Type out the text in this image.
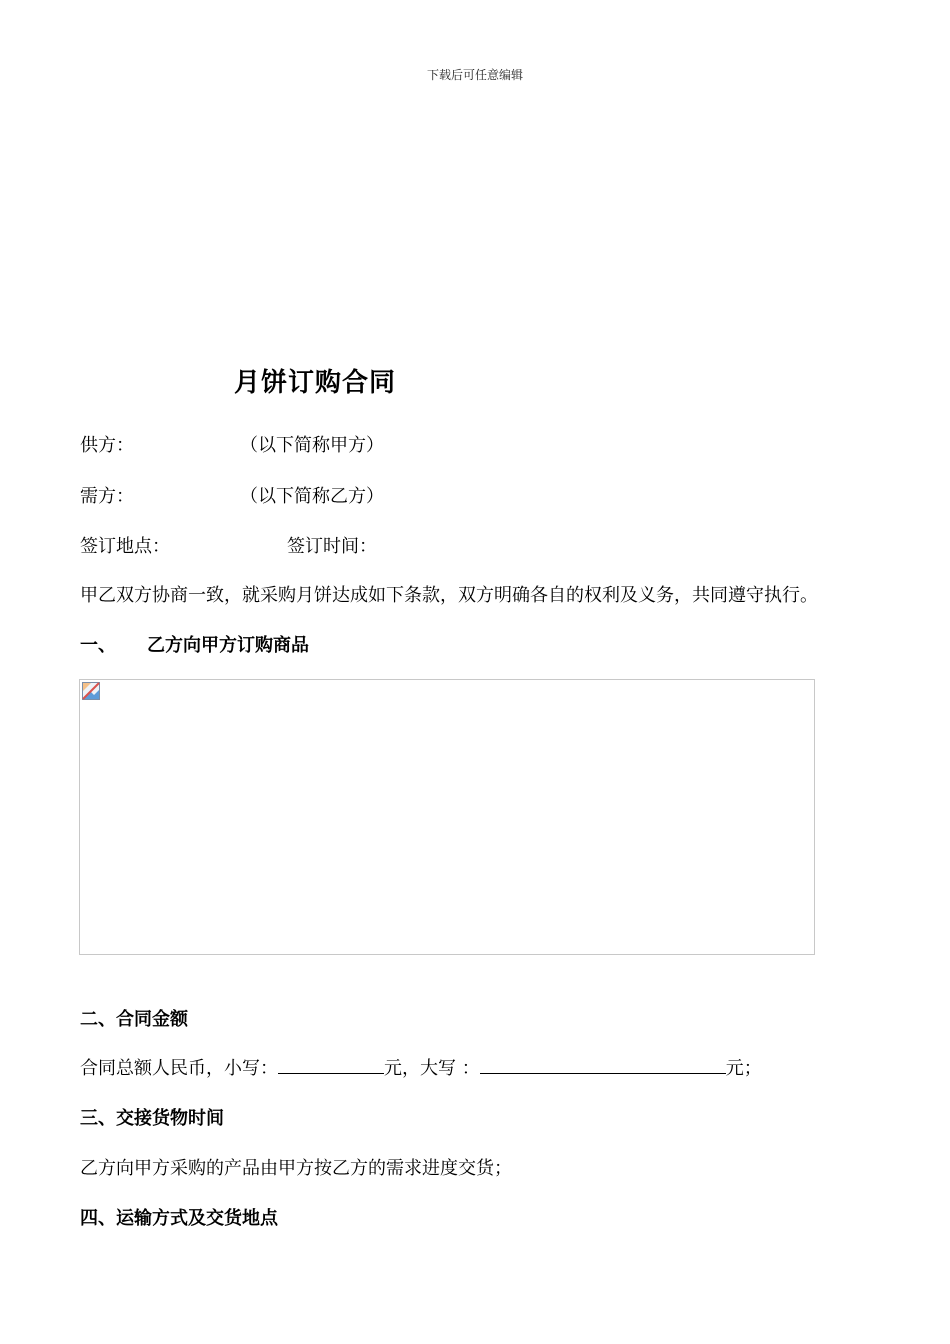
下载后可任意编辑
月饼订购合同
供方：	（以下简称甲方）
需方：	（以下简称乙方）
签订地点：	签订时间：
甲乙双方协商一致，就采购月饼达成如下条款，双方明确各自的权利及义务，共同遵守执行。
一、 乙方向甲方订购商品
二、合同金额
合同总额人民币，小写：	元，大写 ：	元；
三、交接货物时间
乙方向甲方采购的产品由甲方按乙方的需求进度交货；
四、运输方式及交货地点
